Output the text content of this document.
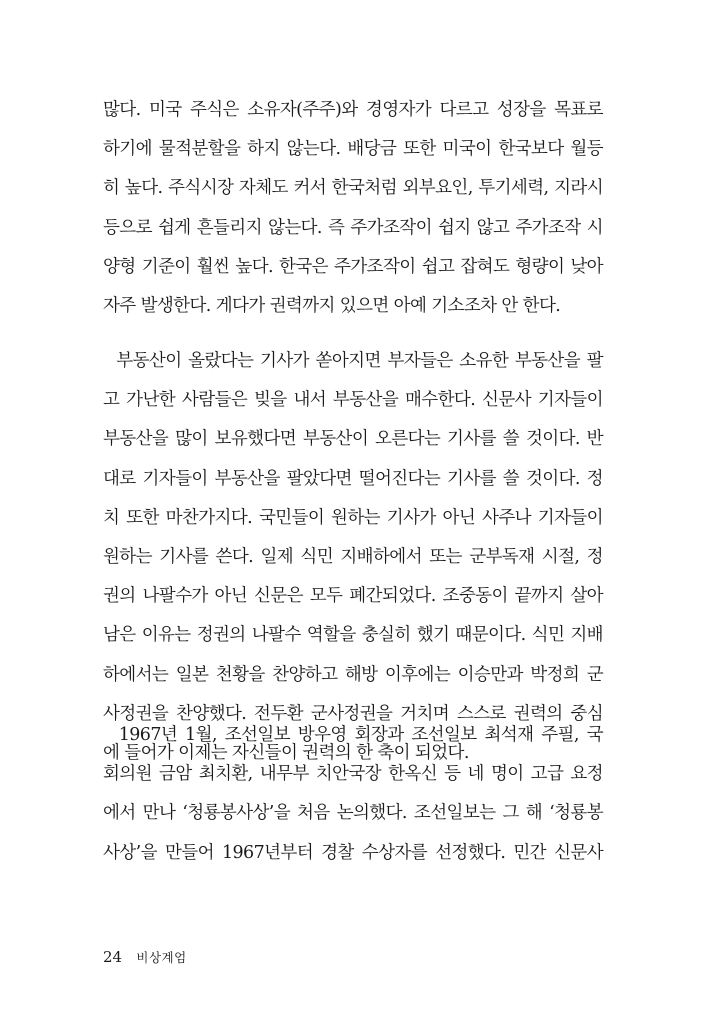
많다. 미국 주식은 소유자(주주)와 경영자가 다르고 성장을 목표로
하기에 물적분할을 하지 않는다. 배당금 또한 미국이 한국보다 월등
히 높다. 주식시장 자체도 커서 한국처럼 외부요인, 투기세력, 지라시
등으로 쉽게 흔들리지 않는다. 즉 주가조작이 쉽지 않고 주가조작 시
양형 기준이 훨씬 높다. 한국은 주가조작이 쉽고 잡혀도 형량이 낮아
자주 발생한다. 게다가 권력까지 있으면 아예 기소조차 안 한다.
부동산이 올랐다는 기사가 쏟아지면 부자들은 소유한 부동산을 팔
고 가난한 사람들은 빚을 내서 부동산을 매수한다. 신문사 기자들이
부동산을 많이 보유했다면 부동산이 오른다는 기사를 쓸 것이다. 반
대로 기자들이 부동산을 팔았다면 떨어진다는 기사를 쓸 것이다. 정
치 또한 마찬가지다. 국민들이 원하는 기사가 아닌 사주나 기자들이
원하는 기사를 쓴다. 일제 식민 지배하에서 또는 군부독재 시절, 정
권의 나팔수가 아닌 신문은 모두 폐간되었다. 조중동이 끝까지 살아
남은 이유는 정권의 나팔수 역할을 충실히 했기 때문이다. 식민 지배
하에서는 일본 천황을 찬양하고 해방 이후에는 이승만과 박정희 군
사정권을 찬양했다. 전두환 군사정권을 거치며 스스로 권력의 중심
에 들어가 이제는 자신들이 권력의 한 축이 되었다.
1967년 1월, 조선일보 방우영 회장과 조선일보 최석재 주필, 국
회의원 금암 최치환, 내무부 치안국장 한옥신 등 네 명이 고급 요정
에서 만나 ‘청룡봉사상’을 처음 논의했다. 조선일보는 그 해 ‘청룡봉
사상’을 만들어 1967년부터 경찰 수상자를 선정했다. 민간 신문사
24 비상계엄
